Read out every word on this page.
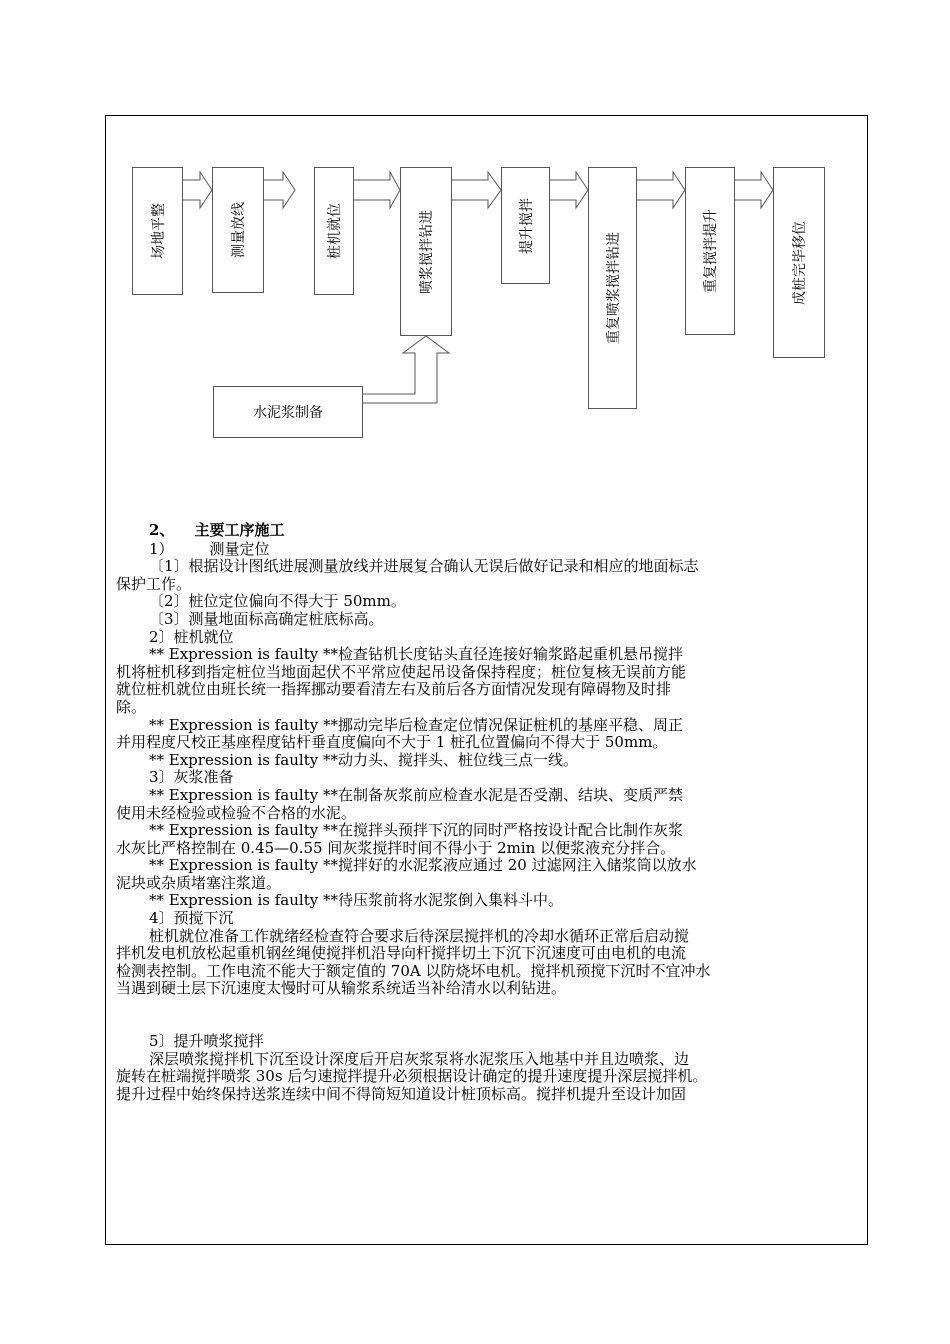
场地平整	测量放线	桩机就位	喷浆搅拌钻进	提升搅拌
重复喷浆搅拌钻进	重复搅拌提升	成桩完毕移位
水泥浆制备
2、 主要工序施工
1） 测量定位
〔1〕根据设计图纸进展测量放线并进展复合确认无误后做好记录和相应的地面标志
保护工作。
〔2〕桩位定位偏向不得大于 50mm。
〔3〕测量地面标高确定桩底标高。
2〕桩机就位
** Expression is faulty **检查钻机长度钻头直径连接好输浆路起重机悬吊搅拌
机将桩机移到指定桩位当地面起伏不平常应使起吊设备保持程度；桩位复核无误前方能
就位桩机就位由班长统一指挥挪动要看清左右及前后各方面情况发现有障碍物及时排
除。
** Expression is faulty **挪动完毕后检查定位情况保证桩机的基座平稳、周正
并用程度尺校正基座程度钻杆垂直度偏向不大于 1 桩孔位置偏向不得大于 50mm。
** Expression is faulty **动力头、搅拌头、桩位线三点一线。
3〕灰浆准备
** Expression is faulty **在制备灰浆前应检查水泥是否受潮、结块、变质严禁
使用未经检验或检验不合格的水泥。
** Expression is faulty **在搅拌头预拌下沉的同时严格按设计配合比制作灰浆
水灰比严格控制在 0.45—0.55 间灰浆搅拌时间不得小于 2min 以便浆液充分拌合。
** Expression is faulty **搅拌好的水泥浆液应通过 20 过滤网注入储浆筒以放水
泥块或杂质堵塞注浆道。
** Expression is faulty **待压浆前将水泥浆倒入集料斗中。
4〕预搅下沉
桩机就位准备工作就绪经检查符合要求后待深层搅拌机的冷却水循环正常后启动搅
拌机发电机放松起重机钢丝绳使搅拌机沿导向杆搅拌切土下沉下沉速度可由电机的电流
检测表控制。工作电流不能大于额定值的 70A 以防烧坏电机。搅拌机预搅下沉时不宜冲水
当遇到硬土层下沉速度太慢时可从输浆系统适当补给清水以利钻进。
5〕提升喷浆搅拌
深层喷浆搅拌机下沉至设计深度后开启灰浆泵将水泥浆压入地基中并且边喷浆、边
旋转在桩端搅拌喷浆 30s 后匀速搅拌提升必须根据设计确定的提升速度提升深层搅拌机。
提升过程中始终保持送浆连续中间不得筒短知道设计桩顶标高。搅拌机提升至设计加固
